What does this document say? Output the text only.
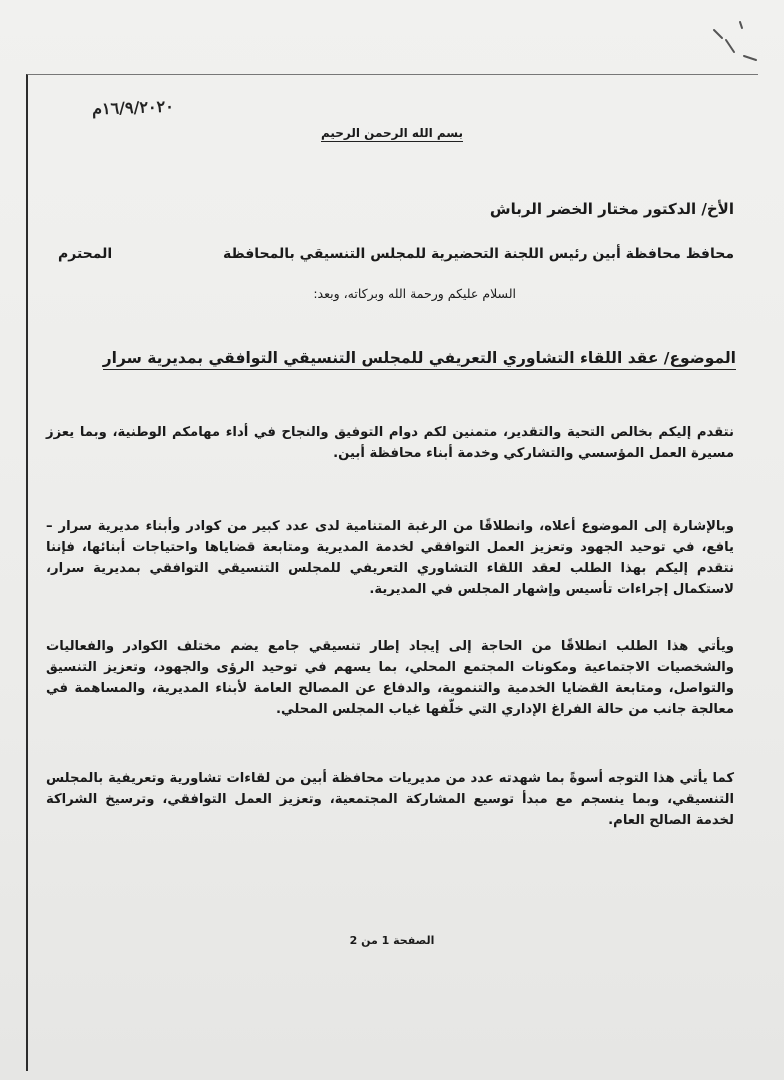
١٦/٩/٢٠٢٠م
بسم الله الرحمن الرحيم
الأخ/ الدكتور مختار الخضر الرباش
محافظ محافظة أبين رئيس اللجنة التحضيرية للمجلس التنسيقي بالمحافظة
المحترم
السلام عليكم ورحمة الله وبركاته، وبعد:
الموضوع/ عقد اللقاء التشاوري التعريفي للمجلس التنسيقي التوافقي بمديرية سرار
نتقدم إليكم بخالص التحية والتقدير، متمنين لكم دوام التوفيق والنجاح في أداء مهامكم الوطنية، وبما يعزز مسيرة العمل المؤسسي والتشاركي وخدمة أبناء محافظة أبين.
وبالإشارة إلى الموضوع أعلاه، وانطلاقًا من الرغبة المتنامية لدى عدد كبير من كوادر وأبناء مديرية سرار – يافع، في توحيد الجهود وتعزيز العمل التوافقي لخدمة المديرية ومتابعة قضاياها واحتياجات أبنائها، فإننا نتقدم إليكم بهذا الطلب لعقد اللقاء التشاوري التعريفي للمجلس التنسيقي التوافقي بمديرية سرار، لاستكمال إجراءات تأسيس وإشهار المجلس في المديرية.
ويأتي هذا الطلب انطلاقًا من الحاجة إلى إيجاد إطار تنسيقي جامع يضم مختلف الكوادر والفعاليات والشخصيات الاجتماعية ومكونات المجتمع المحلي، بما يسهم في توحيد الرؤى والجهود، وتعزيز التنسيق والتواصل، ومتابعة القضايا الخدمية والتنموية، والدفاع عن المصالح العامة لأبناء المديرية، والمساهمة في معالجة جانب من حالة الفراغ الإداري التي خلّفها غياب المجلس المحلي.
كما يأتي هذا التوجه أسوةً بما شهدته عدد من مديريات محافظة أبين من لقاءات تشاورية وتعريفية بالمجلس التنسيقي، وبما ينسجم مع مبدأ توسيع المشاركة المجتمعية، وتعزيز العمل التوافقي، وترسيخ الشراكة لخدمة الصالح العام.
الصفحة 1 من 2
